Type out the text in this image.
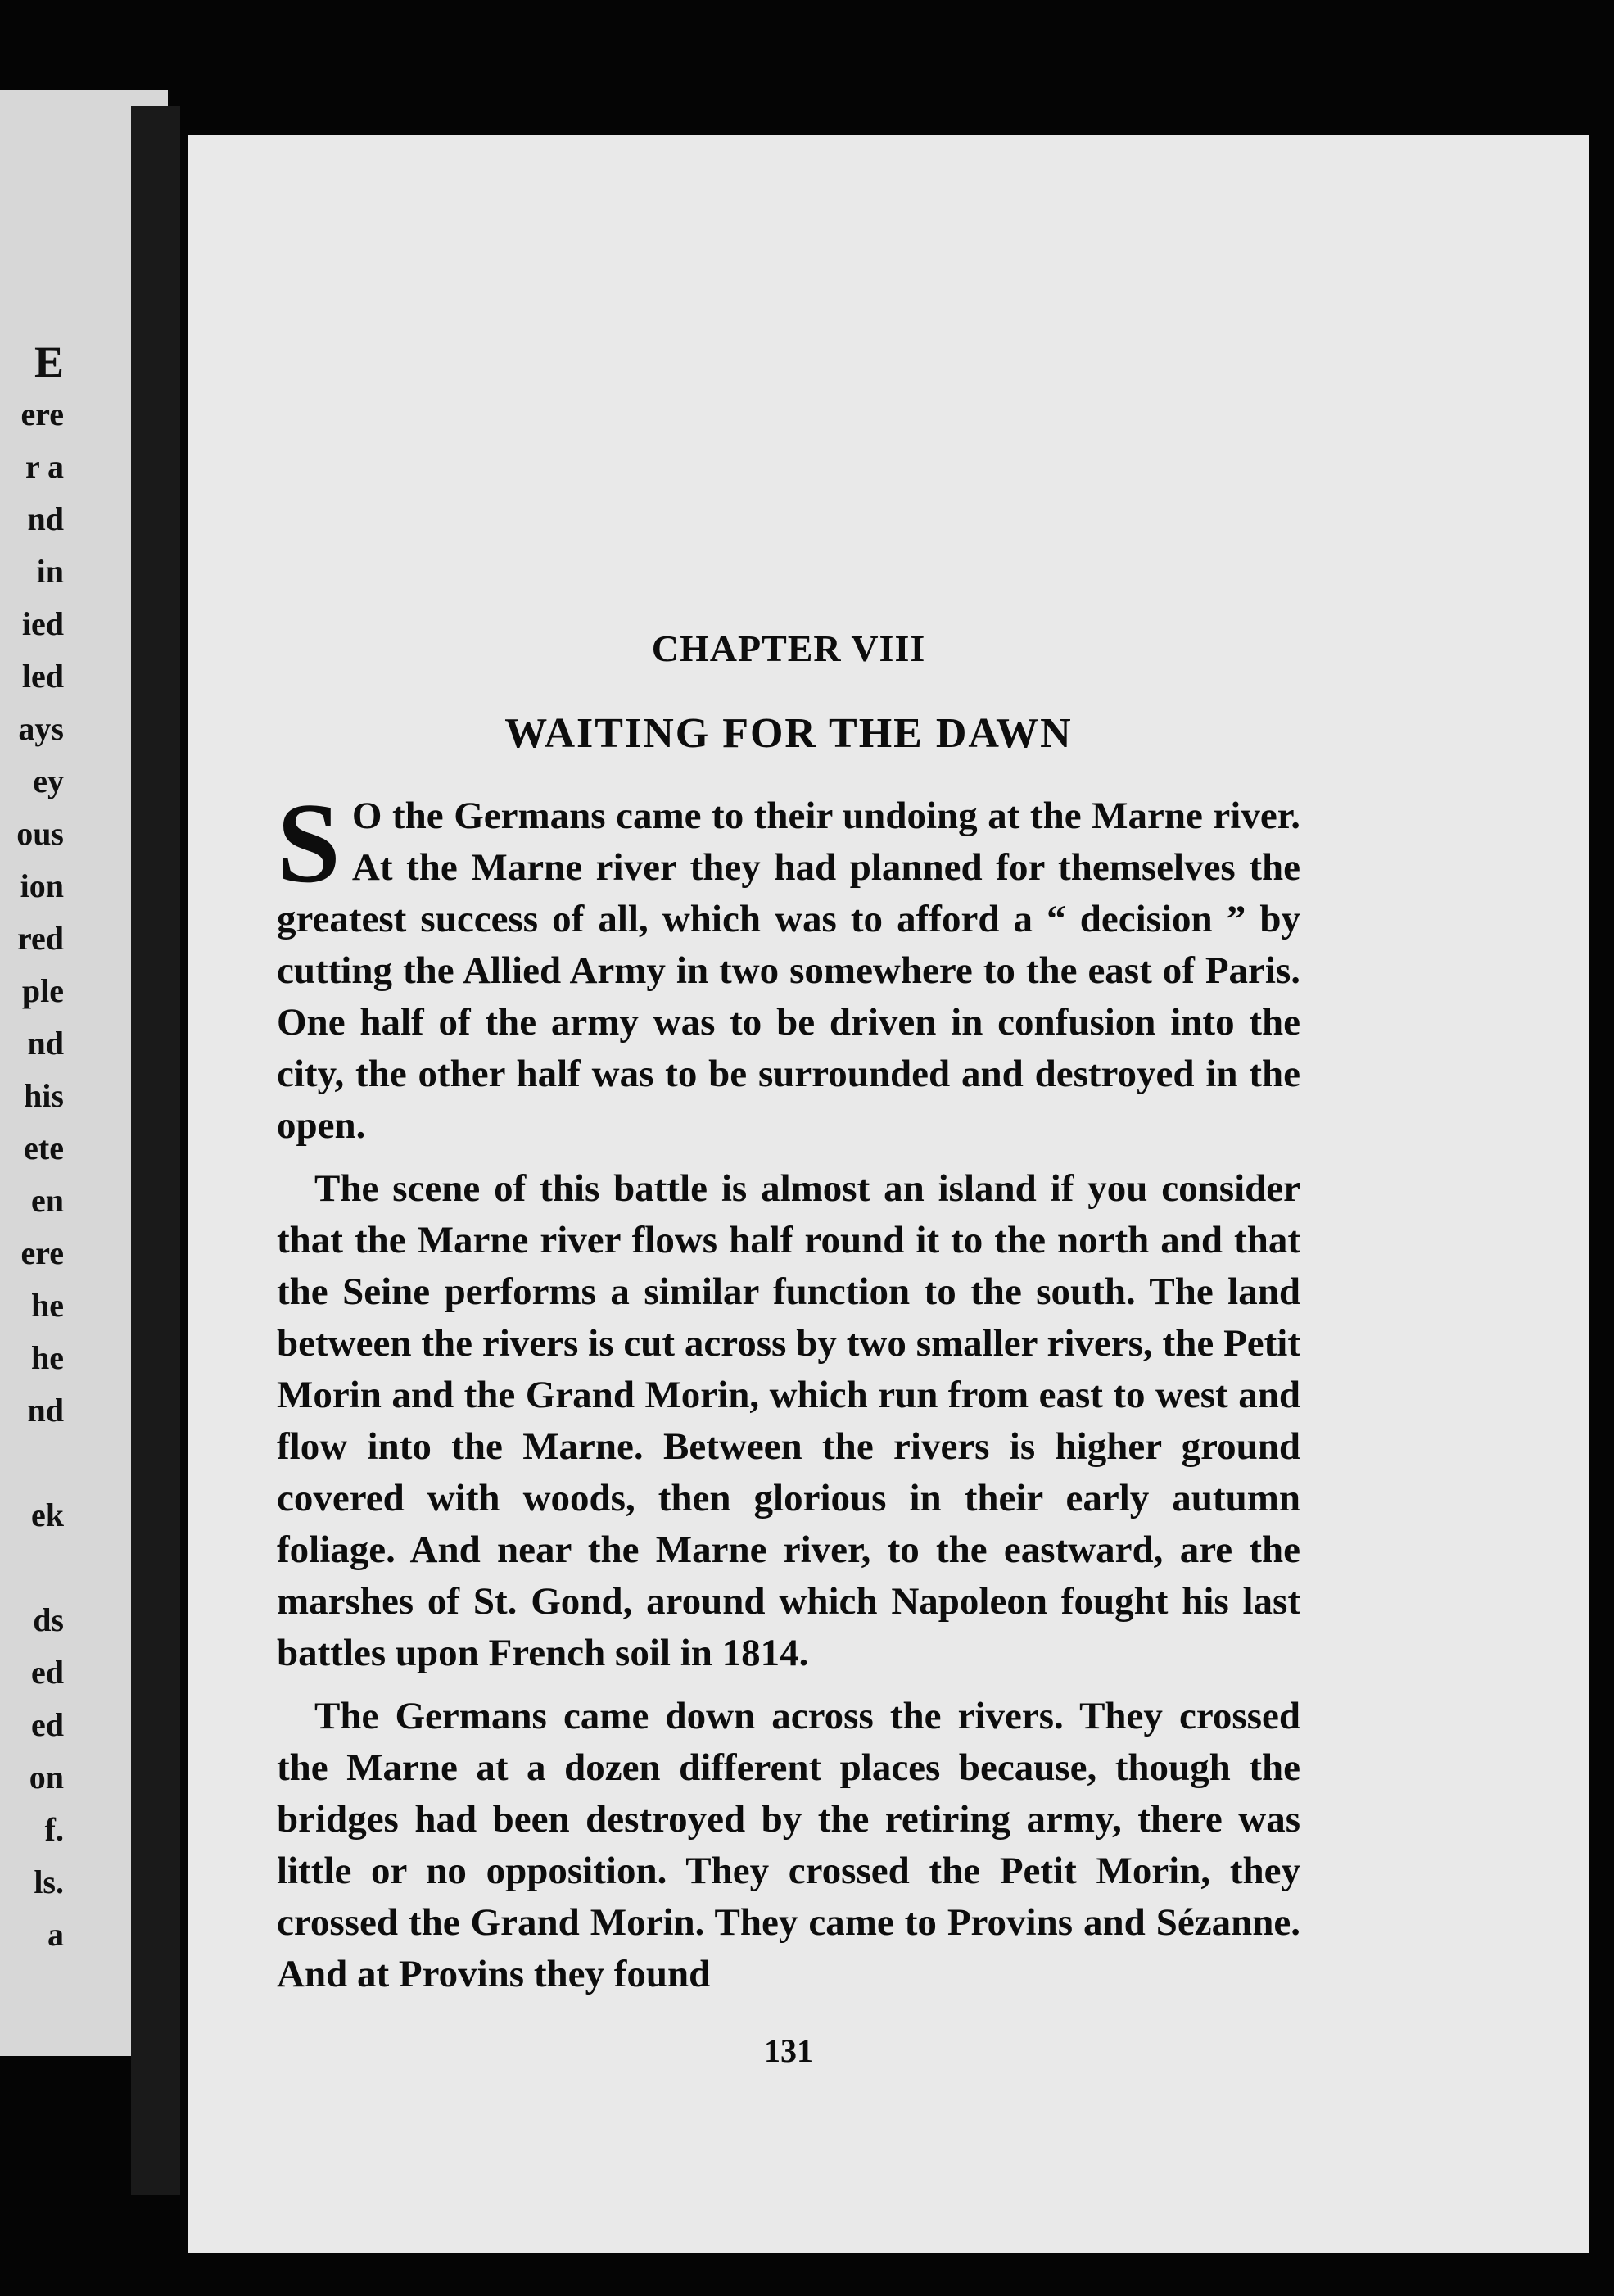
E
ere
r a
nd
in
ied
led
ays
ey
ous
ion
red
ple
nd
his
ete
en
ere
he
he
nd
ek
ds
ed
ed
on
f.
ls.
a
CHAPTER VIII
WAITING FOR THE DAWN

S O the Germans came to their undoing at the Marne river. At the Marne river they had planned for themselves the greatest success of all, which was to afford a “ decision ” by cutting the Allied Army in two somewhere to the east of Paris. One half of the army was to be driven in confusion into the city, the other half was to be surrounded and destroyed in the open.

The scene of this battle is almost an island if you consider that the Marne river flows half round it to the north and that the Seine performs a similar function to the south. The land between the rivers is cut across by two smaller rivers, the Petit Morin and the Grand Morin, which run from east to west and flow into the Marne. Between the rivers is higher ground covered with woods, then glorious in their early autumn foliage. And near the Marne river, to the eastward, are the marshes of St. Gond, around which Napoleon fought his last battles upon French soil in 1814.

The Germans came down across the rivers. They crossed the Marne at a dozen different places because, though the bridges had been destroyed by the retiring army, there was little or no opposition. They crossed the Petit Morin, they crossed the Grand Morin. They came to Provins and Sézanne. And at Provins they found

131
